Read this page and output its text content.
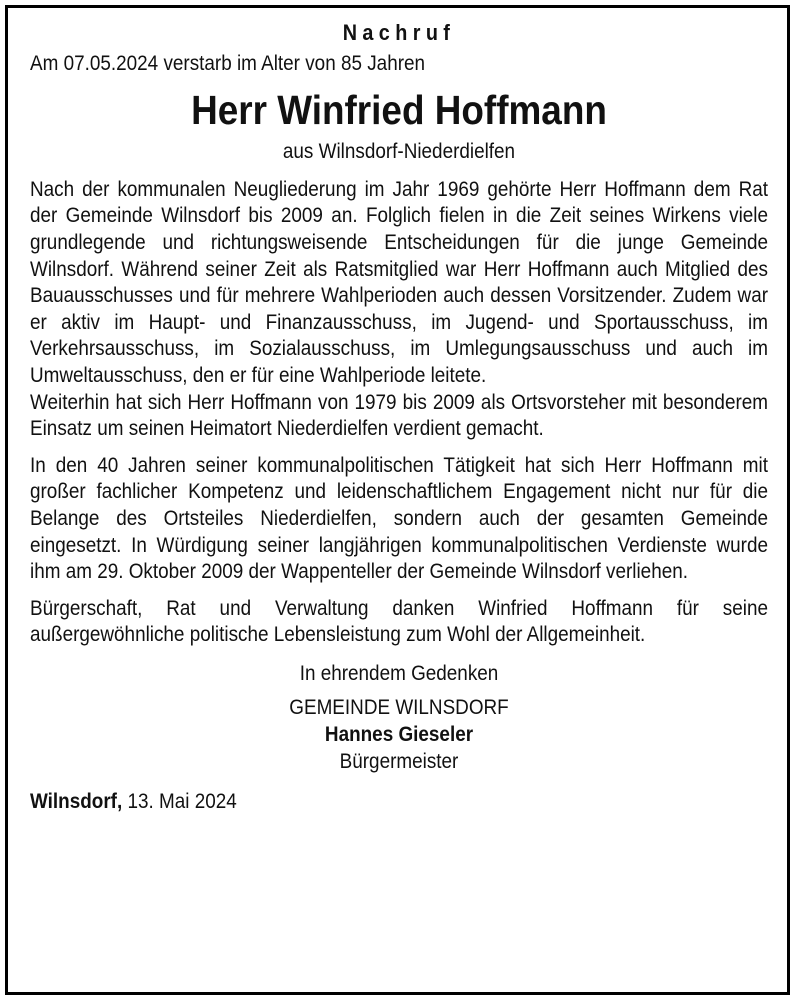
Nachruf

Am 07.05.2024 verstarb im Alter von 85 Jahren

Herr Winfried Hoffmann

aus Wilnsdorf-Niederdielfen

Nach der kommunalen Neugliederung im Jahr 1969 gehörte Herr Hoffmann dem Rat der Gemeinde Wilnsdorf bis 2009 an. Folglich fielen in die Zeit seines Wirkens viele grundlegende und richtungsweisende Entscheidungen für die junge Gemeinde Wilnsdorf. Während seiner Zeit als Ratsmitglied war Herr Hoffmann auch Mitglied des Bauausschusses und für mehrere Wahlperioden auch dessen Vorsitzender. Zudem war er aktiv im Haupt- und Finanzausschuss, im Jugend- und Sportausschuss, im Verkehrsausschuss, im Sozialausschuss, im Umlegungsausschuss und auch im Umweltausschuss, den er für eine Wahlperiode leitete.

Weiterhin hat sich Herr Hoffmann von 1979 bis 2009 als Ortsvorsteher mit besonderem Einsatz um seinen Heimatort Niederdielfen verdient gemacht.

In den 40 Jahren seiner kommunalpolitischen Tätigkeit hat sich Herr Hoffmann mit großer fachlicher Kompetenz und leidenschaftlichem Engagement nicht nur für die Belange des Ortsteiles Niederdielfen, sondern auch der gesamten Gemeinde eingesetzt. In Würdigung seiner langjährigen kommunalpolitischen Verdienste wurde ihm am 29. Oktober 2009 der Wappenteller der Gemeinde Wilnsdorf verliehen.

Bürgerschaft, Rat und Verwaltung danken Winfried Hoffmann für seine außergewöhnliche politische Lebensleistung zum Wohl der Allgemeinheit.

In ehrendem Gedenken

GEMEINDE WILNSDORF

Hannes Gieseler

Bürgermeister

Wilnsdorf, 13. Mai 2024
